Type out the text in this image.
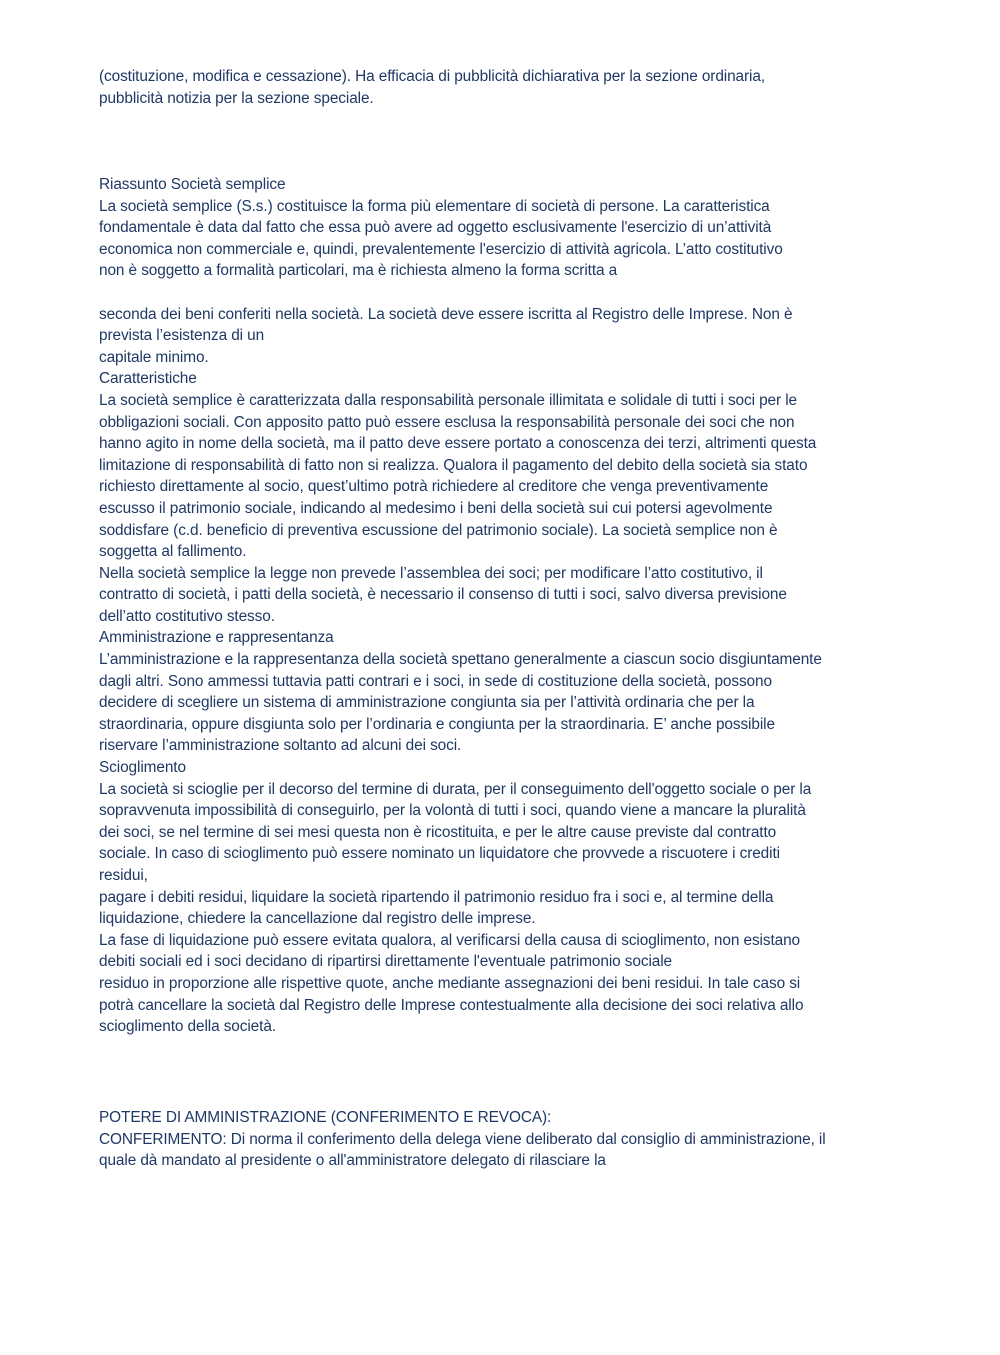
(costituzione, modifica e cessazione). Ha efficacia di pubblicità dichiarativa per la sezione ordinaria,
pubblicità notizia per la sezione speciale.
Riassunto Società semplice
La società semplice (S.s.) costituisce la forma più elementare di società di persone. La caratteristica
fondamentale è data dal fatto che essa può avere ad oggetto esclusivamente l'esercizio di un’attività
economica non commerciale e, quindi, prevalentemente l'esercizio di attività agricola. L’atto costitutivo
non è soggetto a formalità particolari, ma è richiesta almeno la forma scritta a
seconda dei beni conferiti nella società. La società deve essere iscritta al Registro delle Imprese. Non è
prevista l’esistenza di un
capitale minimo.
Caratteristiche
La società semplice è caratterizzata dalla responsabilità personale illimitata e solidale di tutti i soci per le
obbligazioni sociali. Con apposito patto può essere esclusa la responsabilità personale dei soci che non
hanno agito in nome della società, ma il patto deve essere portato a conoscenza dei terzi, altrimenti questa
limitazione di responsabilità di fatto non si realizza. Qualora il pagamento del debito della società sia stato
richiesto direttamente al socio, quest’ultimo potrà richiedere al creditore che venga preventivamente
escusso il patrimonio sociale, indicando al medesimo i beni della società sui cui potersi agevolmente
soddisfare (c.d. beneficio di preventiva escussione del patrimonio sociale). La società semplice non è
soggetta al fallimento.
Nella società semplice la legge non prevede l’assemblea dei soci; per modificare l’atto costitutivo, il
contratto di società, i patti della società, è necessario il consenso di tutti i soci, salvo diversa previsione
dell’atto costitutivo stesso.
Amministrazione e rappresentanza
L’amministrazione e la rappresentanza della società spettano generalmente a ciascun socio disgiuntamente
dagli altri. Sono ammessi tuttavia patti contrari e i soci, in sede di costituzione della società, possono
decidere di scegliere un sistema di amministrazione congiunta sia per l’attività ordinaria che per la
straordinaria, oppure disgiunta solo per l’ordinaria e congiunta per la straordinaria. E’ anche possibile
riservare l’amministrazione soltanto ad alcuni dei soci.
Scioglimento
La società si scioglie per il decorso del termine di durata, per il conseguimento dell'oggetto sociale o per la
sopravvenuta impossibilità di conseguirlo, per la volontà di tutti i soci, quando viene a mancare la pluralità
dei soci, se nel termine di sei mesi questa non è ricostituita, e per le altre cause previste dal contratto
sociale. In caso di scioglimento può essere nominato un liquidatore che provvede a riscuotere i crediti
residui,
pagare i debiti residui, liquidare la società ripartendo il patrimonio residuo fra i soci e, al termine della
liquidazione, chiedere la cancellazione dal registro delle imprese.
La fase di liquidazione può essere evitata qualora, al verificarsi della causa di scioglimento, non esistano
debiti sociali ed i soci decidano di ripartirsi direttamente l'eventuale patrimonio sociale
residuo in proporzione alle rispettive quote, anche mediante assegnazioni dei beni residui. In tale caso si
potrà cancellare la società dal Registro delle Imprese contestualmente alla decisione dei soci relativa allo
scioglimento della società.
POTERE DI AMMINISTRAZIONE (CONFERIMENTO E REVOCA):
CONFERIMENTO: Di norma il conferimento della delega viene deliberato dal consiglio di amministrazione, il
quale dà mandato al presidente o all'amministratore delegato di rilasciare la
